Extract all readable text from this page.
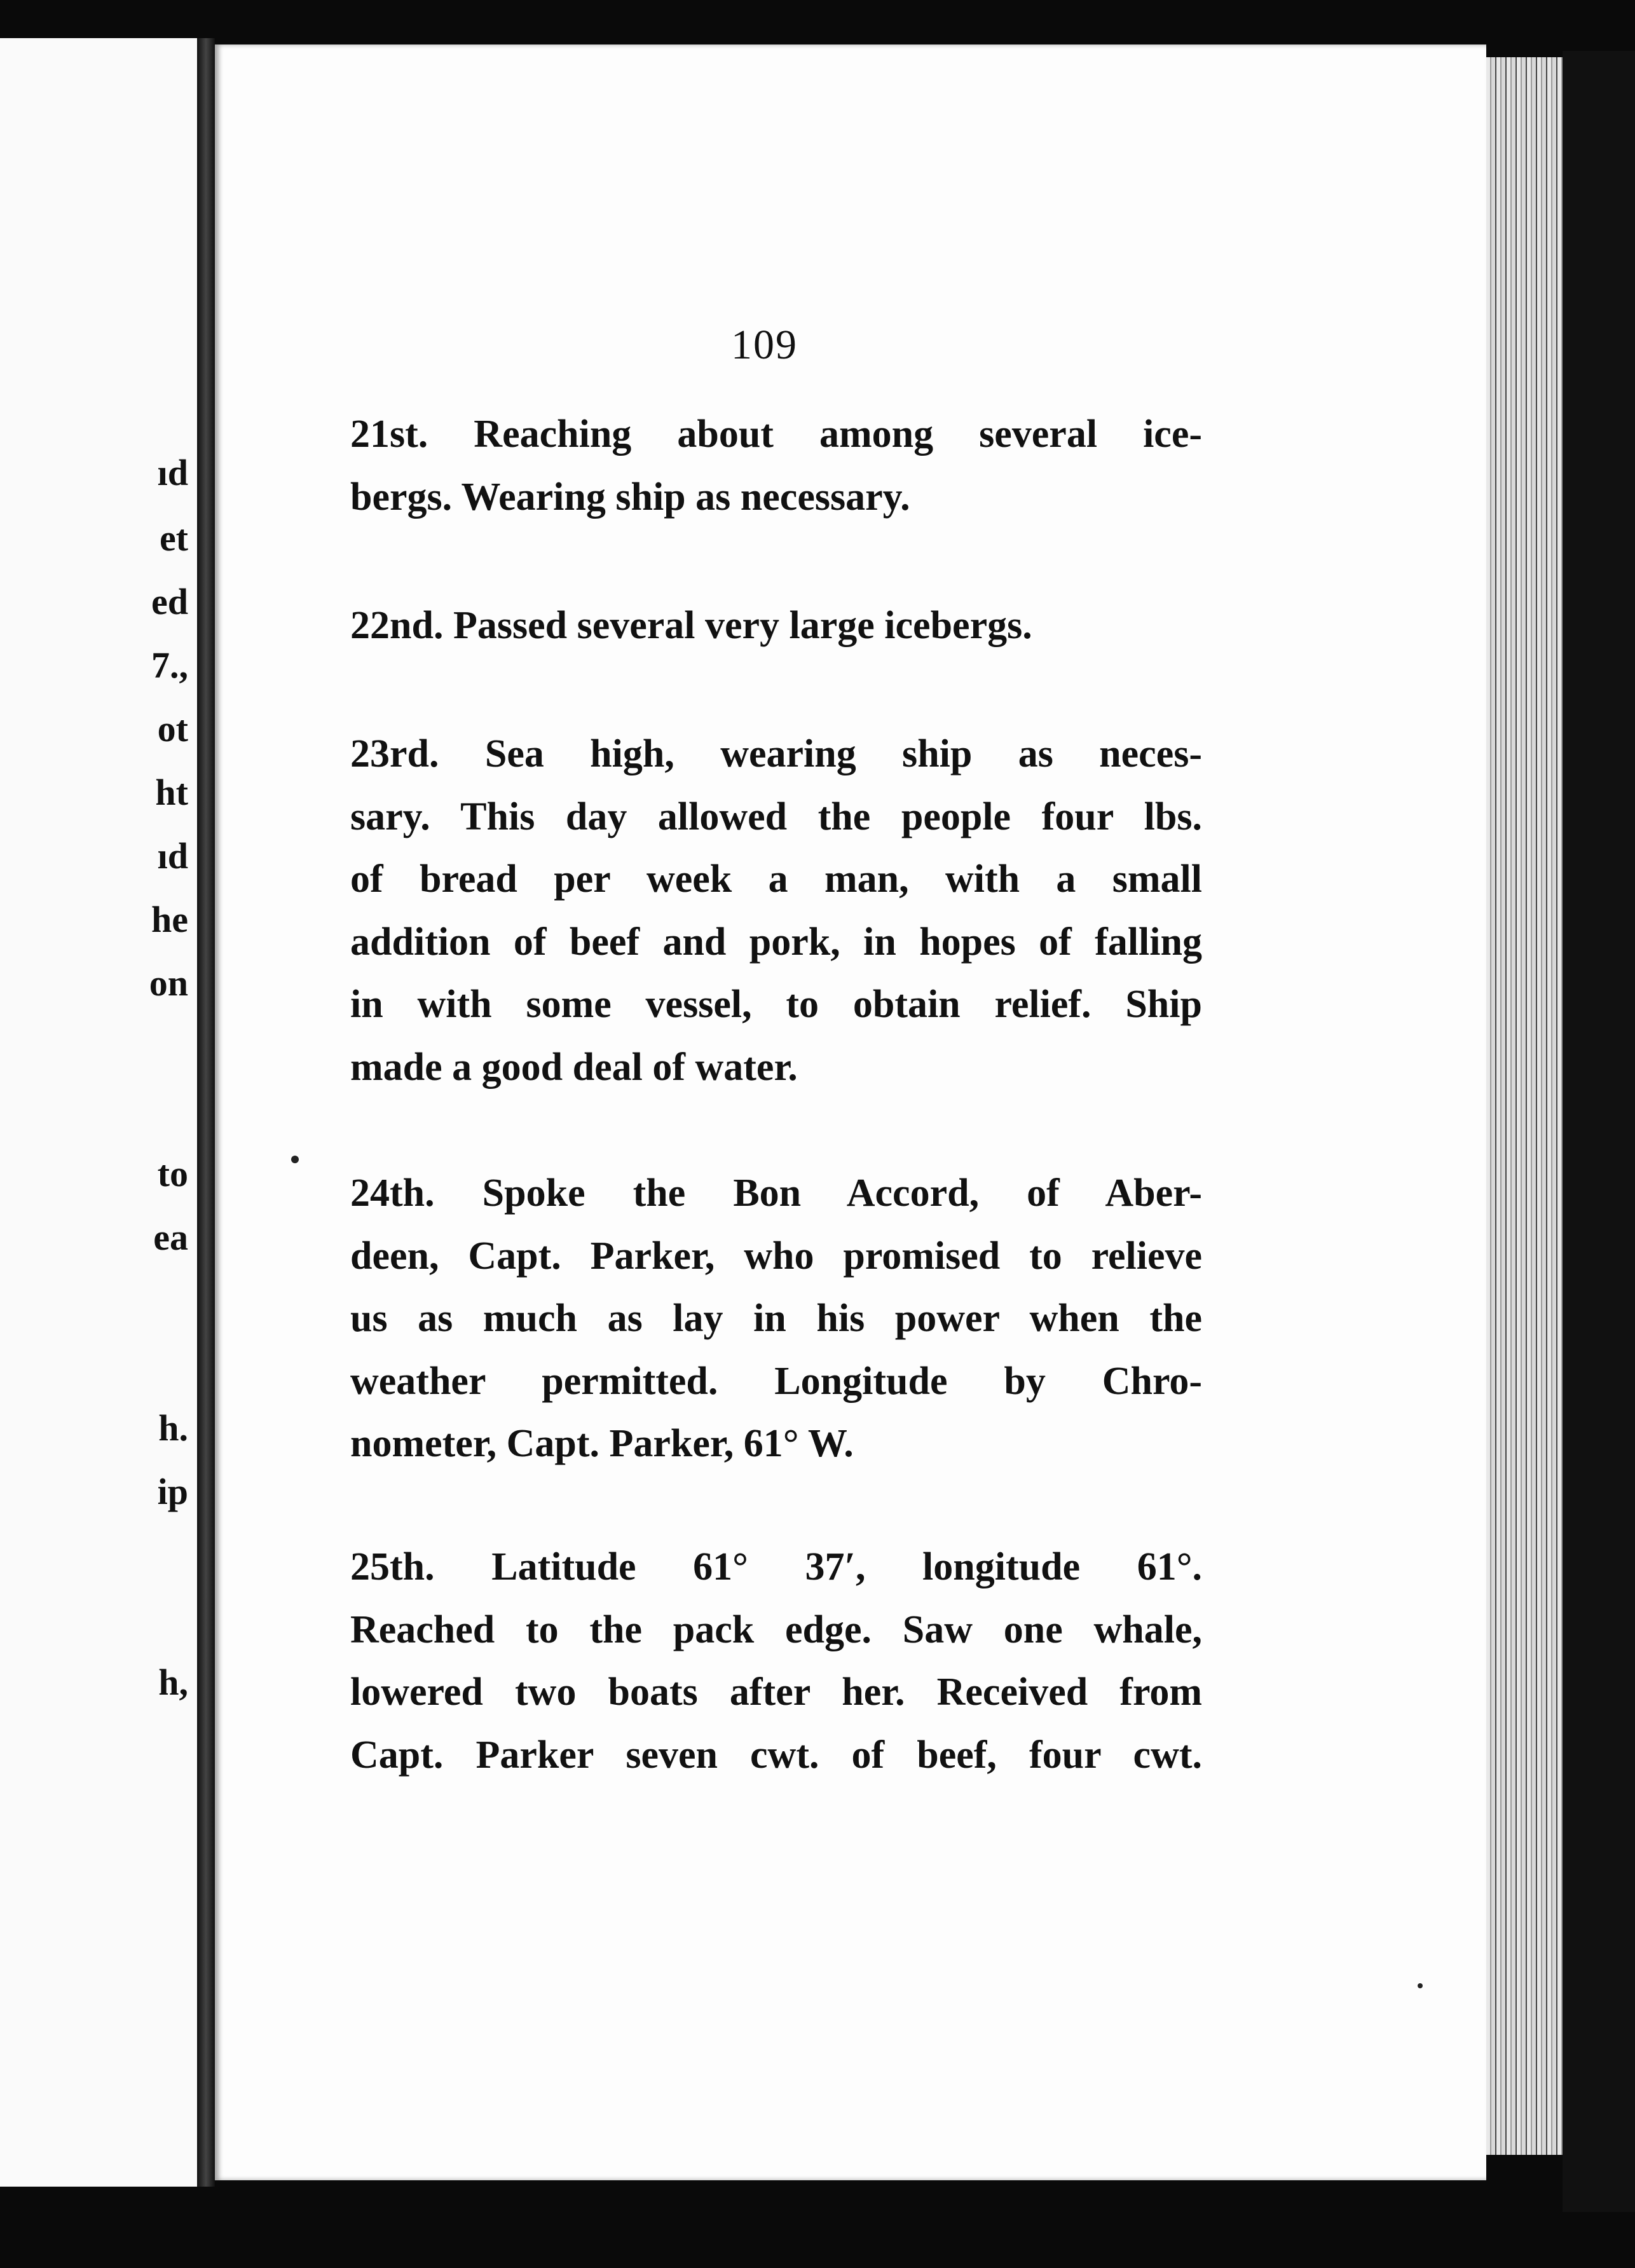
ıd
et
ed
7.,
ot
ht
ıd
he
on
to
ea
h.
ip
h,
109
21st. Reaching about among several ice-
bergs. Wearing ship as necessary.
22nd. Passed several very large icebergs.
23rd. Sea high, wearing ship as neces-
sary. This day allowed the people four lbs.
of bread per week a man, with a small
addition of beef and pork, in hopes of falling
in with some vessel, to obtain relief. Ship
made a good deal of water.
24th. Spoke the Bon Accord, of Aber-
deen, Capt. Parker, who promised to relieve
us as much as lay in his power when the
weather permitted. Longitude by Chro-
nometer, Capt. Parker, 61° W.
25th. Latitude 61° 37′, longitude 61°.
Reached to the pack edge. Saw one whale,
lowered two boats after her. Received from
Capt. Parker seven cwt. of beef, four cwt.
